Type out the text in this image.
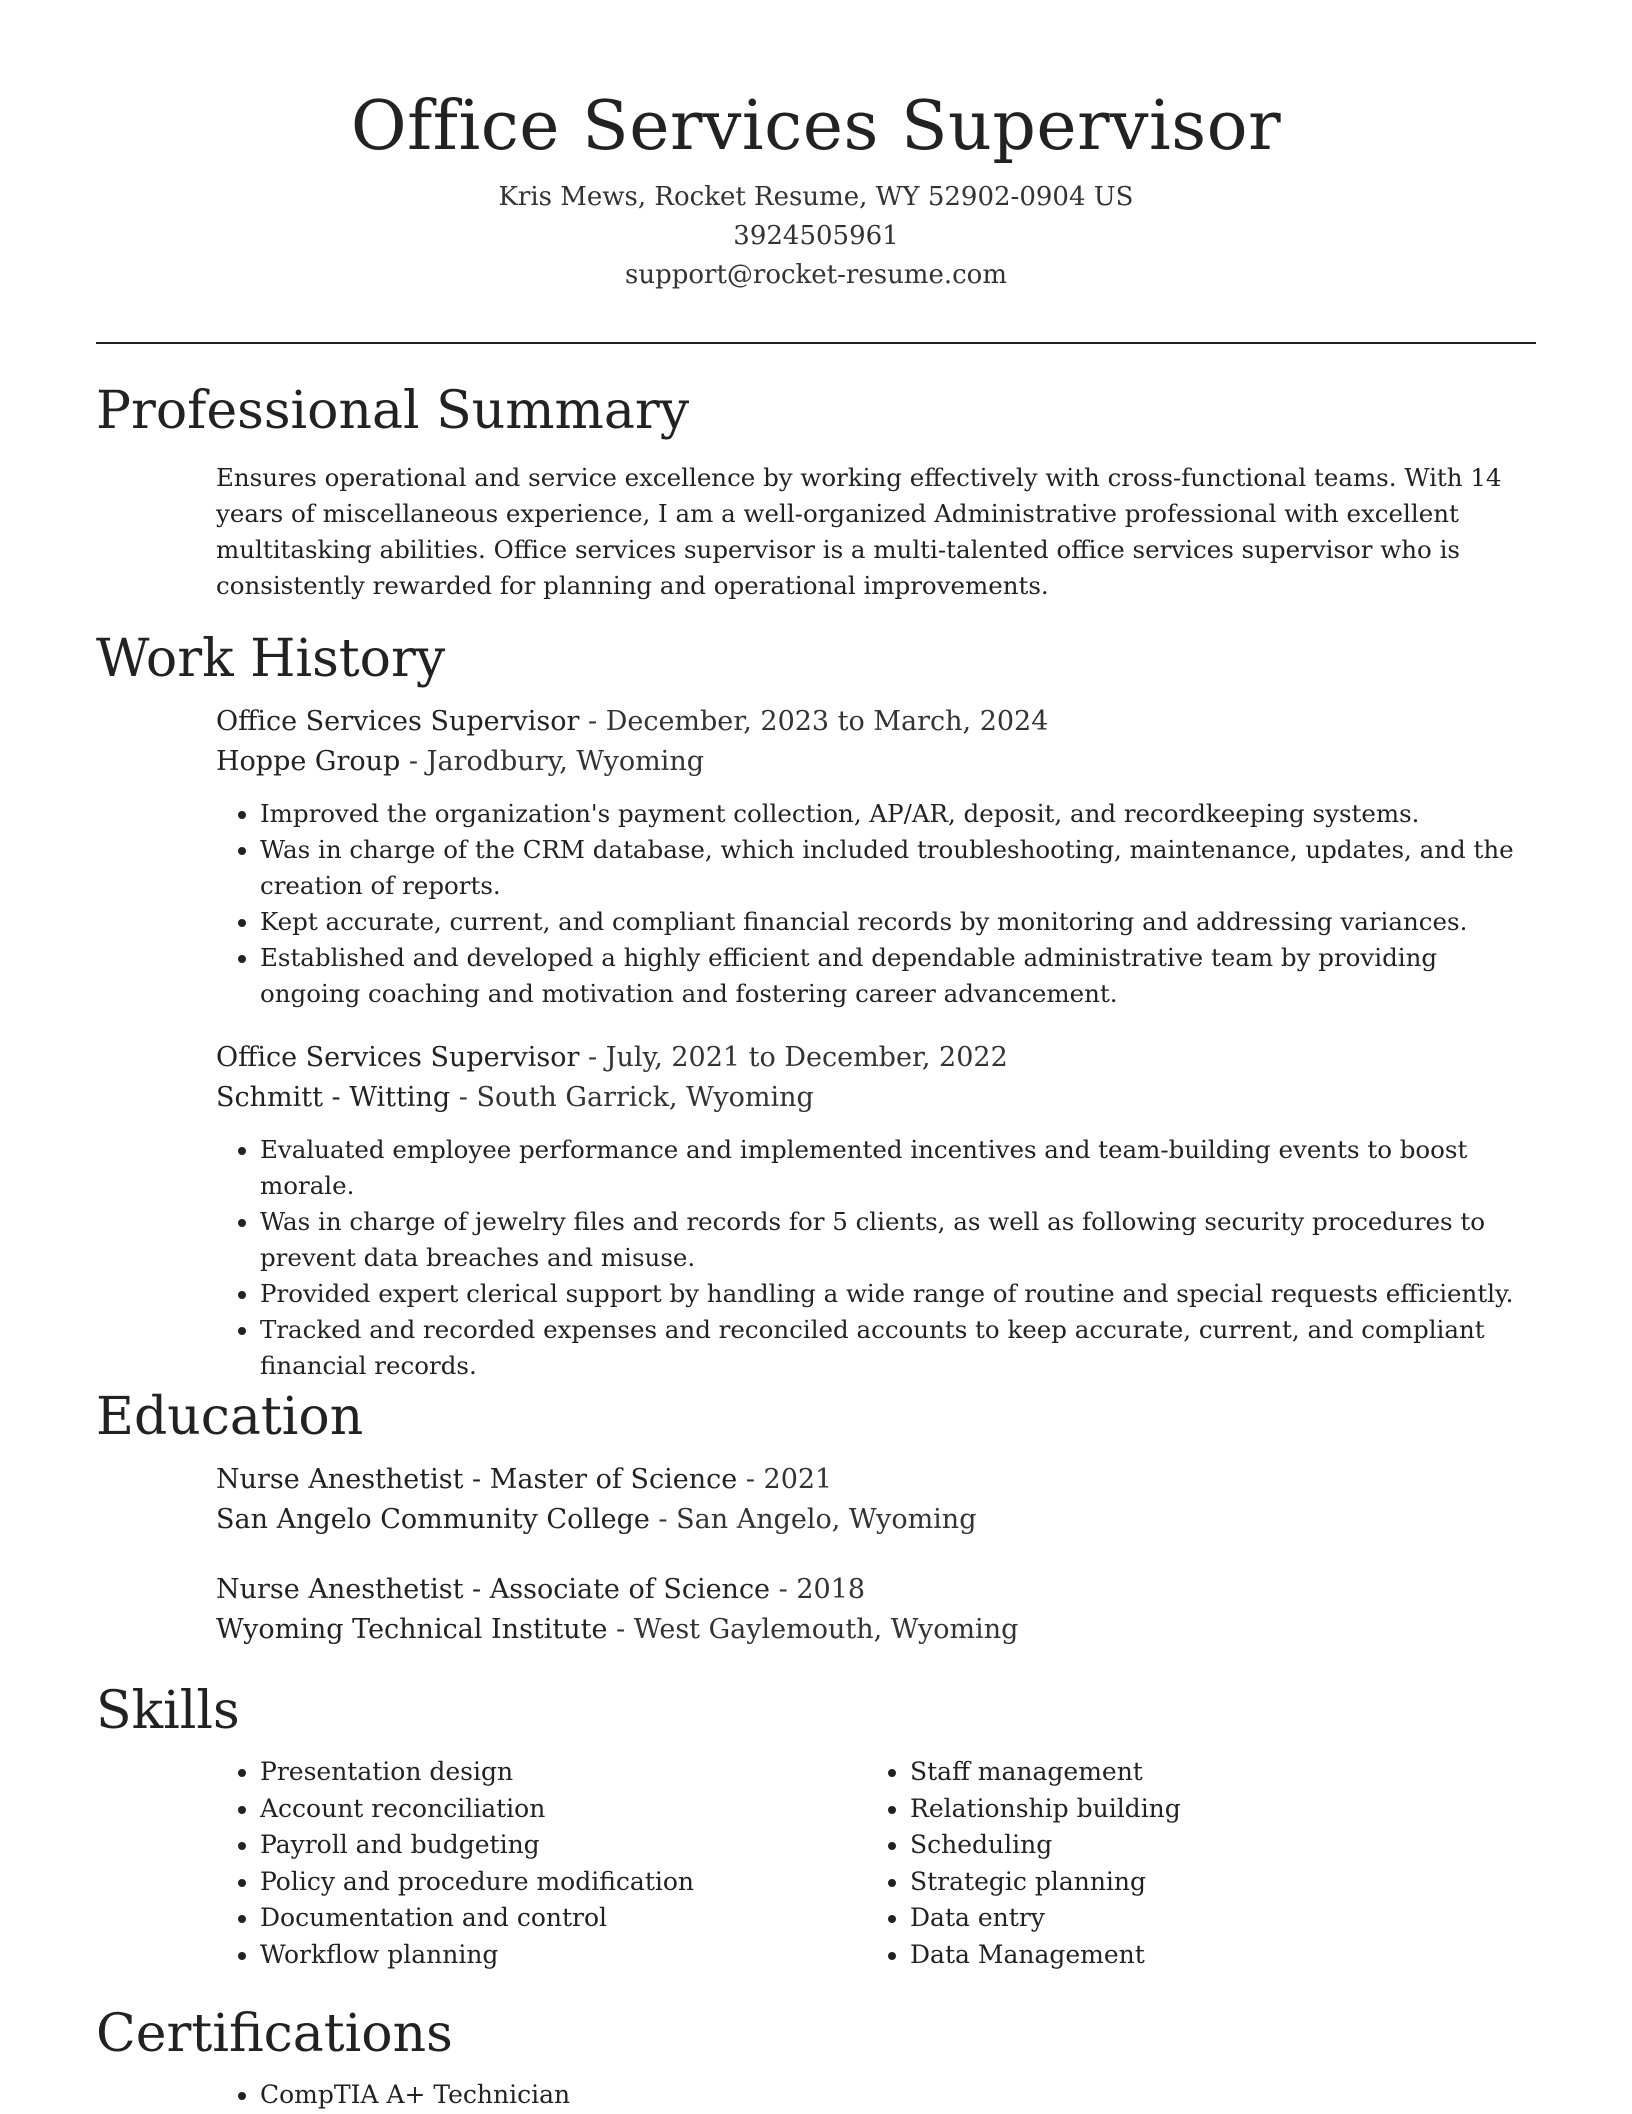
Office Services Supervisor
Kris Mews, Rocket Resume, WY 52902-0904 US
3924505961
support@rocket-resume.com
Professional Summary

Ensures operational and service excellence by working effectively with cross-functional teams. With 14 years of miscellaneous experience, I am a well-organized Administrative professional with excellent multitasking abilities. Office services supervisor is a multi-talented office services supervisor who is consistently rewarded for planning and operational improvements.

Work History
Office Services Supervisor - December, 2023 to March, 2024
Hoppe Group - Jarodbury, Wyoming
• Improved the organization's payment collection, AP/AR, deposit, and recordkeeping systems.
• Was in charge of the CRM database, which included troubleshooting, maintenance, updates, and the creation of reports.
• Kept accurate, current, and compliant financial records by monitoring and addressing variances.
• Established and developed a highly efficient and dependable administrative team by providing ongoing coaching and motivation and fostering career advancement.
Office Services Supervisor - July, 2021 to December, 2022
Schmitt - Witting - South Garrick, Wyoming
• Evaluated employee performance and implemented incentives and team-building events to boost morale.
• Was in charge of jewelry files and records for 5 clients, as well as following security procedures to prevent data breaches and misuse.
• Provided expert clerical support by handling a wide range of routine and special requests efficiently.
• Tracked and recorded expenses and reconciled accounts to keep accurate, current, and compliant financial records.
Education
Nurse Anesthetist - Master of Science - 2021
San Angelo Community College - San Angelo, Wyoming
Nurse Anesthetist - Associate of Science - 2018
Wyoming Technical Institute - West Gaylemouth, Wyoming
Skills
• Presentation design
• Account reconciliation
• Payroll and budgeting
• Policy and procedure modification
• Documentation and control
• Workflow planning
• Staff management
• Relationship building
• Scheduling
• Strategic planning
• Data entry
• Data Management
Certifications
• CompTIA A+ Technician
